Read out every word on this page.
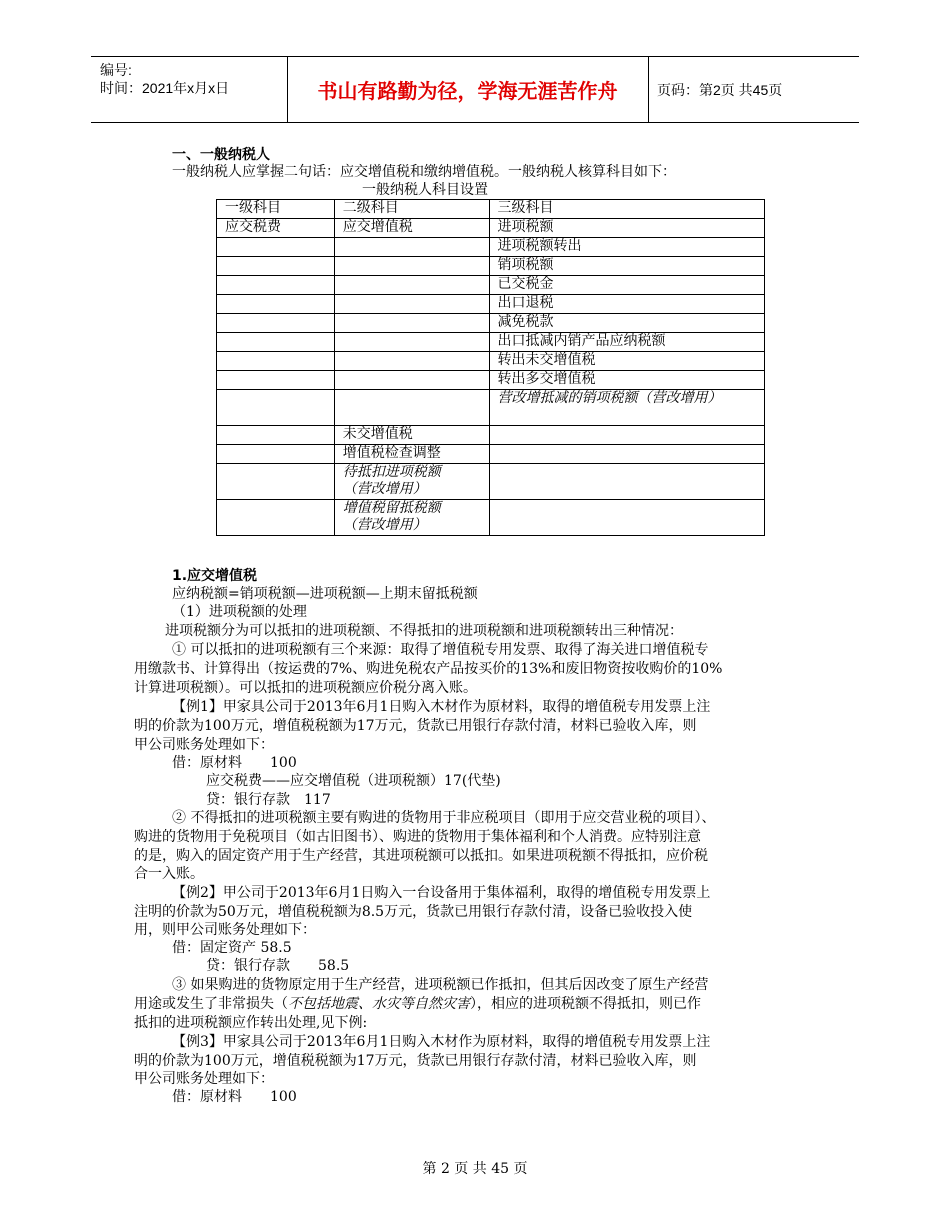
编号:
时间：2021年x月x日	书山有路勤为径，学海无涯苦作舟	页码：第2页 共45页
一、一般纳税人
一般纳税人应掌握二句话：应交增值税和缴纳增值税。一般纳税人核算科目如下：
一般纳税人科目设置
一级科目	二级科目	三级科目
应交税费	应交增值税	进项税额
		进项税额转出
		销项税额
		已交税金
		出口退税
		减免税款
		出口抵减内销产品应纳税额
		转出未交增值税
		转出多交增值税
		营改增抵减的销项税额（营改增用）
	未交增值税	
	增值税检查调整	
	待抵扣进项税额（营改增用）	
	增值税留抵税额（营改增用）	
1.应交增值税
应纳税额=销项税额—进项税额—上期末留抵税额
（1）进项税额的处理
进项税额分为可以抵扣的进项税额、不得抵扣的进项税额和进项税额转出三种情况：
① 可以抵扣的进项税额有三个来源：取得了增值税专用发票、取得了海关进口增值税专
用缴款书、计算得出（按运费的7%、购进免税农产品按买价的13%和废旧物资按收购价的10%
计算进项税额）。可以抵扣的进项税额应价税分离入账。
【例1】甲家具公司于2013年6月1日购入木材作为原材料，取得的增值税专用发票上注
明的价款为100万元，增值税税额为17万元，货款已用银行存款付清，材料已验收入库，则
甲公司账务处理如下：
借：原材料　　100
应交税费——应交增值税（进项税额）17(代垫)
贷：银行存款　117
② 不得抵扣的进项税额主要有购进的货物用于非应税项目（即用于应交营业税的项目）、
购进的货物用于免税项目（如古旧图书）、购进的货物用于集体福利和个人消费。应特别注意
的是，购入的固定资产用于生产经营，其进项税额可以抵扣。如果进项税额不得抵扣，应价税
合一入账。
【例2】甲公司于2013年6月1日购入一台设备用于集体福利，取得的增值税专用发票上
注明的价款为50万元，增值税税额为8.5万元，货款已用银行存款付清，设备已验收投入使
用，则甲公司账务处理如下：
借：固定资产 58.5
贷：银行存款　　58.5
③ 如果购进的货物原定用于生产经营，进项税额已作抵扣，但其后因改变了原生产经营
用途或发生了非常损失（不包括地震、水灾等自然灾害），相应的进项税额不得抵扣，则已作
抵扣的进项税额应作转出处理,见下例:
【例3】甲家具公司于2013年6月1日购入木材作为原材料，取得的增值税专用发票上注
明的价款为100万元，增值税税额为17万元，货款已用银行存款付清，材料已验收入库，则
甲公司账务处理如下：
借：原材料　　100
第 2 页 共 45 页
